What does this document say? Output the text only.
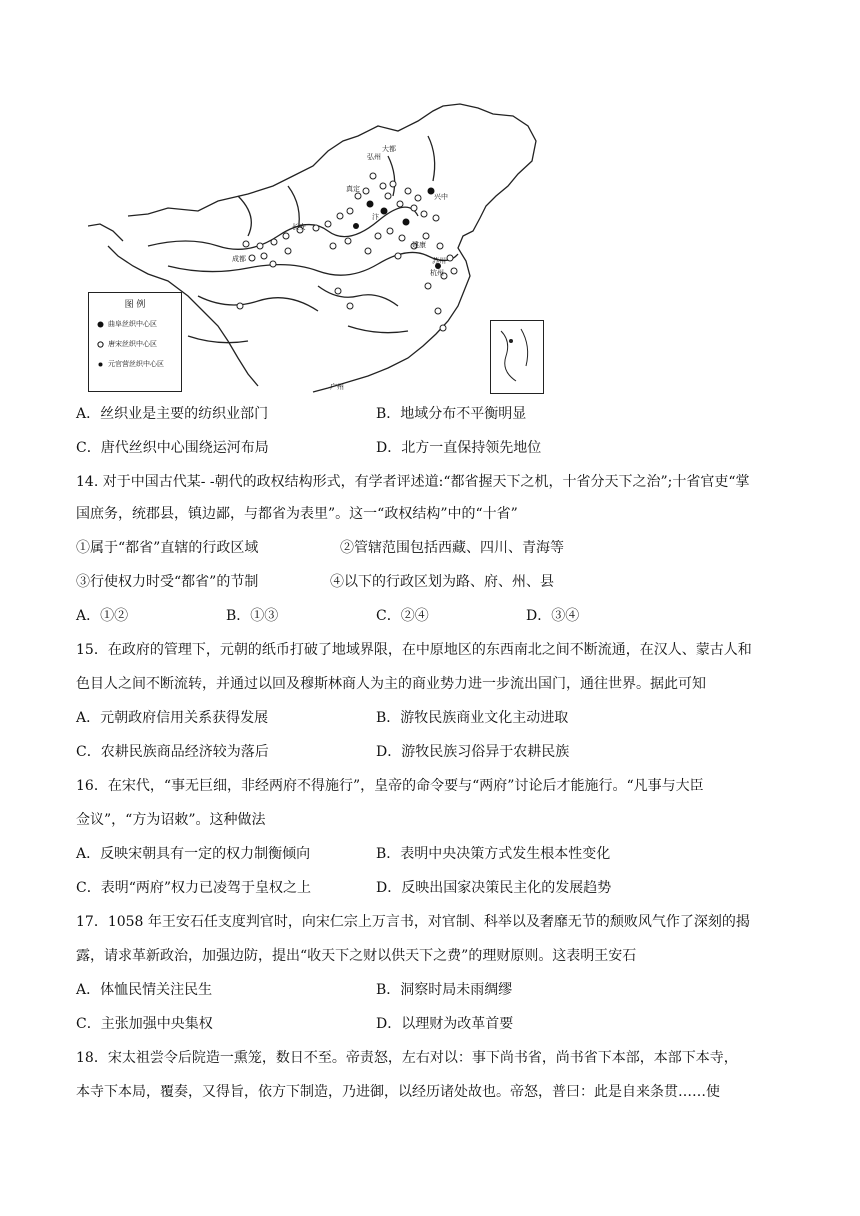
弘州
兴中
真定
汴
长安
成都
建康
苏州
杭州
广州
大都
图 例
曲阜丝织中心区
唐宋丝织中心区
元官营丝织中心区
A．丝织业是主要的纺织业部门	B．地域分布不平衡明显
C．唐代丝织中心围绕运河布局	D．北方一直保持领先地位
14. 对于中国古代某- -朝代的政权结构形式，有学者评述道:“都省握天下之机，十省分天下之治”;十省官吏“掌
国庶务，统郡县，镇边鄙，与都省为表里”。这一“政权结构”中的“十省”
①属于“都省”直辖的行政区域	②管辖范围包括西藏、四川、青海等
③行使权力时受“都省”的节制	④以下的行政区划为路、府、州、县
A．①②	B．①③	C．②④	D．③④
15．在政府的管理下，元朝的纸币打破了地域界限，在中原地区的东西南北之间不断流通，在汉人、蒙古人和
色目人之间不断流转，并通过以回及穆斯林商人为主的商业势力进一步流出国门，通往世界。据此可知
A．元朝政府信用关系获得发展	B．游牧民族商业文化主动进取
C．农耕民族商品经济较为落后	D．游牧民族习俗异于农耕民族
16．在宋代，“事无巨细，非经两府不得施行”，皇帝的命令要与“两府”讨论后才能施行。“凡事与大臣
佥议”，“方为诏敕”。这种做法
A．反映宋朝具有一定的权力制衡倾向	B．表明中央决策方式发生根本性变化
C．表明“两府”权力已凌驾于皇权之上	D．反映出国家决策民主化的发展趋势
17．1058 年王安石任支度判官时，向宋仁宗上万言书，对官制、科举以及奢靡无节的颓败风气作了深刻的揭
露，请求革新政治，加强边防，提出“收天下之财以供天下之费”的理财原则。这表明王安石
A．体恤民情关注民生	B．洞察时局未雨绸缪
C．主张加强中央集权	D．以理财为改革首要
18．宋太祖尝令后院造一熏笼，数日不至。帝责怒，左右对以：事下尚书省，尚书省下本部，本部下本寺，
本寺下本局，覆奏，又得旨，依方下制造，乃进御，以经历诸处故也。帝怒，普曰：此是自来条贯……使
